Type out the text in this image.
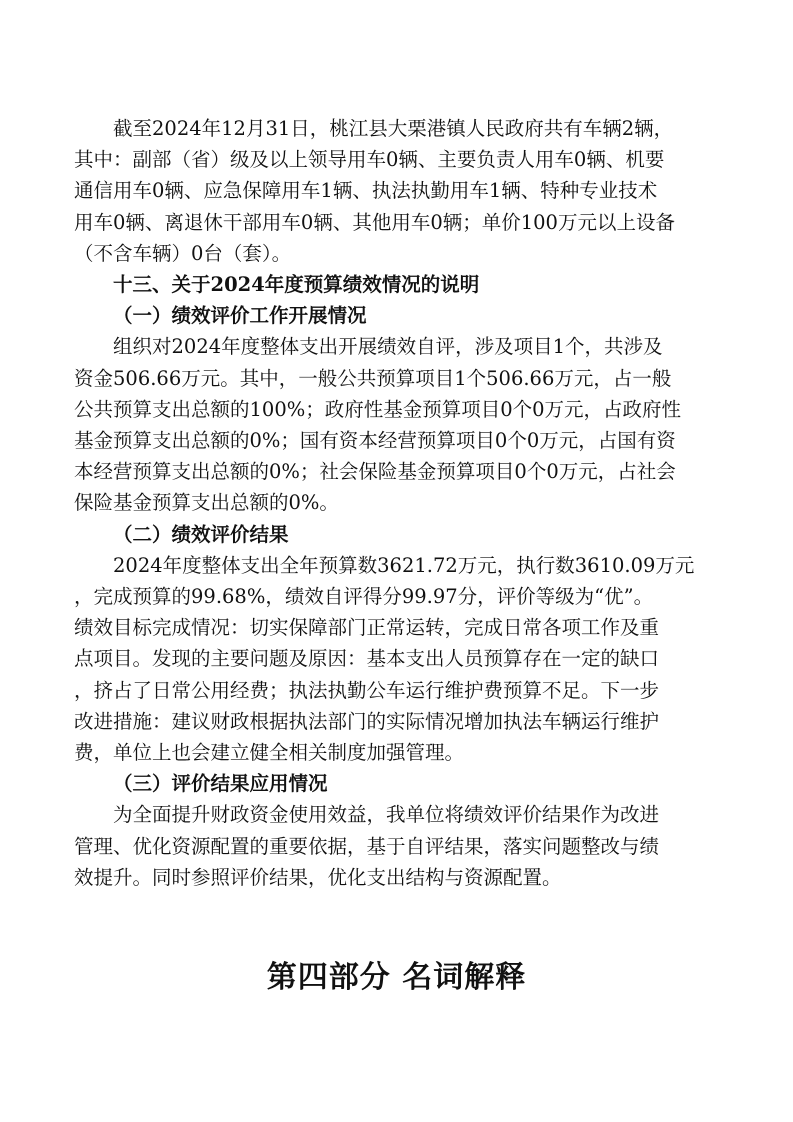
截至2024年12月31日，桃江县大栗港镇人民政府共有车辆2辆，
其中：副部（省）级及以上领导用车0辆、主要负责人用车0辆、机要
通信用车0辆、应急保障用车1辆、执法执勤用车1辆、特种专业技术
用车0辆、离退休干部用车0辆、其他用车0辆；单价100万元以上设备
（不含车辆）0台（套）。

十三、关于2024年度预算绩效情况的说明

（一）绩效评价工作开展情况

组织对2024年度整体支出开展绩效自评，涉及项目1个，共涉及
资金506.66万元。其中，一般公共预算项目1个506.66万元，占一般
公共预算支出总额的100%；政府性基金预算项目0个0万元，占政府性
基金预算支出总额的0%；国有资本经营预算项目0个0万元，占国有资
本经营预算支出总额的0%；社会保险基金预算项目0个0万元，占社会
保险基金预算支出总额的0%。

（二）绩效评价结果

2024年度整体支出全年预算数3621.72万元，执行数3610.09万元
，完成预算的99.68%，绩效自评得分99.97分，评价等级为“优”。
绩效目标完成情况：切实保障部门正常运转，完成日常各项工作及重
点项目。发现的主要问题及原因：基本支出人员预算存在一定的缺口
，挤占了日常公用经费；执法执勤公车运行维护费预算不足。下一步
改进措施：建议财政根据执法部门的实际情况增加执法车辆运行维护
费，单位上也会建立健全相关制度加强管理。

（三）评价结果应用情况

为全面提升财政资金使用效益，我单位将绩效评价结果作为改进
管理、优化资源配置的重要依据，基于自评结果，落实问题整改与绩
效提升。同时参照评价结果，优化支出结构与资源配置。

第四部分 名词解释
